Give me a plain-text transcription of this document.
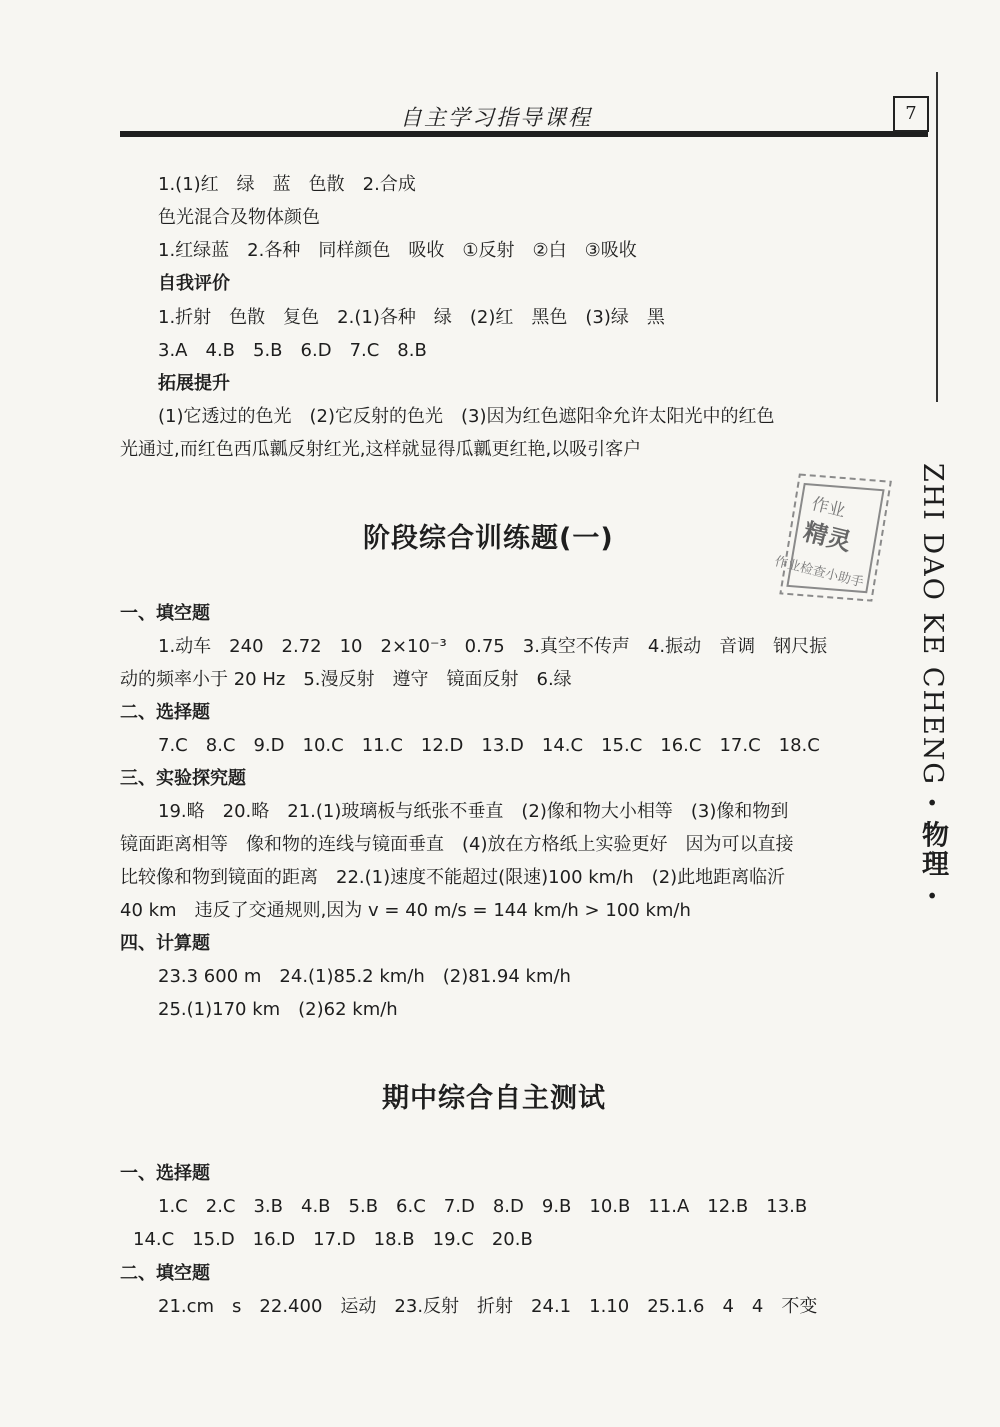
自主学习指导课程	7
ZHI DAO KE CHENG • 物理 •
作业
精灵
作业检查小助手
1.(1)红　绿　蓝　色散　2.合成
色光混合及物体颜色
1.红绿蓝　2.各种　同样颜色　吸收　①反射　②白　③吸收
自我评价
1.折射　色散　复色　2.(1)各种　绿　(2)红　黑色　(3)绿　黑
3.A　4.B　5.B　6.D　7.C　8.B
拓展提升
(1)它透过的色光　(2)它反射的色光　(3)因为红色遮阳伞允许太阳光中的红色
光通过,而红色西瓜瓤反射红光,这样就显得瓜瓤更红艳,以吸引客户
阶段综合训练题(一)
一、填空题
1.动车　240　2.72　10　2×10⁻³　0.75　3.真空不传声　4.振动　音调　钢尺振
动的频率小于 20 Hz　5.漫反射　遵守　镜面反射　6.绿
二、选择题
7.C　8.C　9.D　10.C　11.C　12.D　13.D　14.C　15.C　16.C　17.C　18.C
三、实验探究题
19.略　20.略　21.(1)玻璃板与纸张不垂直　(2)像和物大小相等　(3)像和物到
镜面距离相等　像和物的连线与镜面垂直　(4)放在方格纸上实验更好　因为可以直接
比较像和物到镜面的距离　22.(1)速度不能超过(限速)100 km/h　(2)此地距离临沂
40 km　违反了交通规则,因为 v = 40 m/s = 144 km/h > 100 km/h
四、计算题
23.3 600 m　24.(1)85.2 km/h　(2)81.94 km/h
25.(1)170 km　(2)62 km/h
期中综合自主测试
一、选择题
1.C　2.C　3.B　4.B　5.B　6.C　7.D　8.D　9.B　10.B　11.A　12.B　13.B
14.C　15.D　16.D　17.D　18.B　19.C　20.B
二、填空题
21.cm　s　22.400　运动　23.反射　折射　24.1　1.10　25.1.6　4　4　不变
